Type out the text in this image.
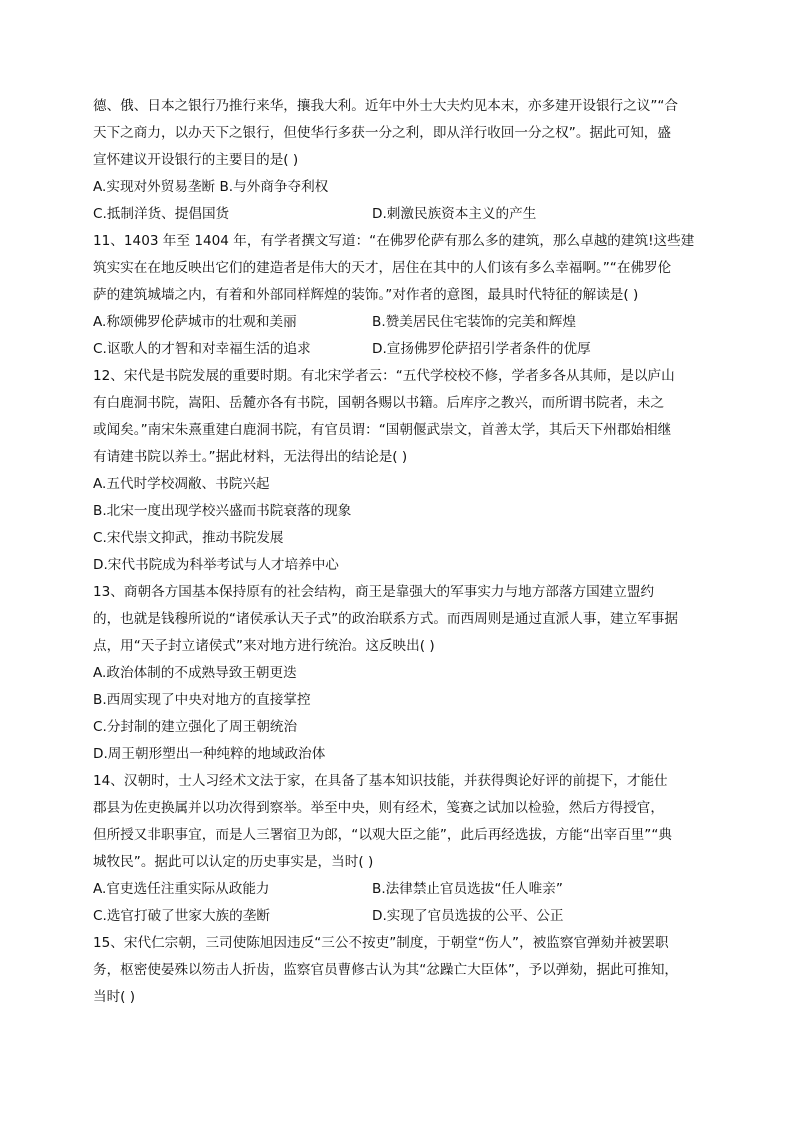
德、俄、日本之银行乃推行来华，攘我大利。近年中外士大夫灼见本末，亦多建开设银行之议”“合
天下之商力，以办天下之银行，但使华行多获一分之利，即从洋行收回一分之权”。据此可知，盛
宣怀建议开设银行的主要目的是( )
A.实现对外贸易垄断 B.与外商争夺利权
C.抵制洋货、提倡国货	D.刺激民族资本主义的产生
11、1403 年至 1404 年，有学者撰文写道：“在佛罗伦萨有那么多的建筑，那么卓越的建筑!这些建
筑实实在在地反映出它们的建造者是伟大的天才，居住在其中的人们该有多么幸福啊。”“在佛罗伦
萨的建筑城墙之内，有着和外部同样辉煌的装饰。”对作者的意图，最具时代特征的解读是( )
A.称颂佛罗伦萨城市的壮观和美丽	B.赞美居民住宅装饰的完美和辉煌
C.讴歌人的才智和对幸福生活的追求	D.宣扬佛罗伦萨招引学者条件的优厚
12、宋代是书院发展的重要时期。有北宋学者云：“五代学校校不修，学者多各从其师，是以庐山
有白鹿洞书院，嵩阳、岳麓亦各有书院，国朝各赐以书籍。后库序之教兴，而所谓书院者，未之
或闻矣。”南宋朱熹重建白鹿洞书院，有官员谓：“国朝偃武崇文，首善太学，其后天下州郡始相继
有请建书院以养士。”据此材料，无法得出的结论是( )
A.五代时学校凋敝、书院兴起
B.北宋一度出现学校兴盛而书院衰落的现象
C.宋代崇文抑武，推动书院发展
D.宋代书院成为科举考试与人才培养中心
13、商朝各方国基本保持原有的社会结构，商王是靠强大的军事实力与地方部落方国建立盟约
的，也就是钱穆所说的“诸侯承认天子式”的政治联系方式。而西周则是通过直派人事，建立军事据
点，用“天子封立诸侯式”来对地方进行统治。这反映出( )
A.政治体制的不成熟导致王朝更迭
B.西周实现了中央对地方的直接掌控
C.分封制的建立强化了周王朝统治
D.周王朝形塑出一种纯粹的地域政治体
14、汉朝时，士人习经术文法于家，在具备了基本知识技能，并获得舆论好评的前提下，才能仕
郡县为佐吏换属并以功次得到察举。举至中央，则有经术，笺赛之试加以检验，然后方得授官，
但所授又非职事宜，而是人三署宿卫为郎，“以观大臣之能”，此后再经选拔，方能“出宰百里”“典
城牧民”。据此可以认定的历史事实是，当时( )
A.官吏选任注重实际从政能力	B.法律禁止官员选拔“任人唯亲”
C.选官打破了世家大族的垄断	D.实现了官员选拔的公平、公正
15、宋代仁宗朝，三司使陈旭因违反“三公不按吏”制度，于朝堂“伤人”，被监察官弹劾并被罢职
务，枢密使晏殊以笏击人折齿，监察官员曹修古认为其“忿躁亡大臣体”，予以弹劾，据此可推知，
当时( )
